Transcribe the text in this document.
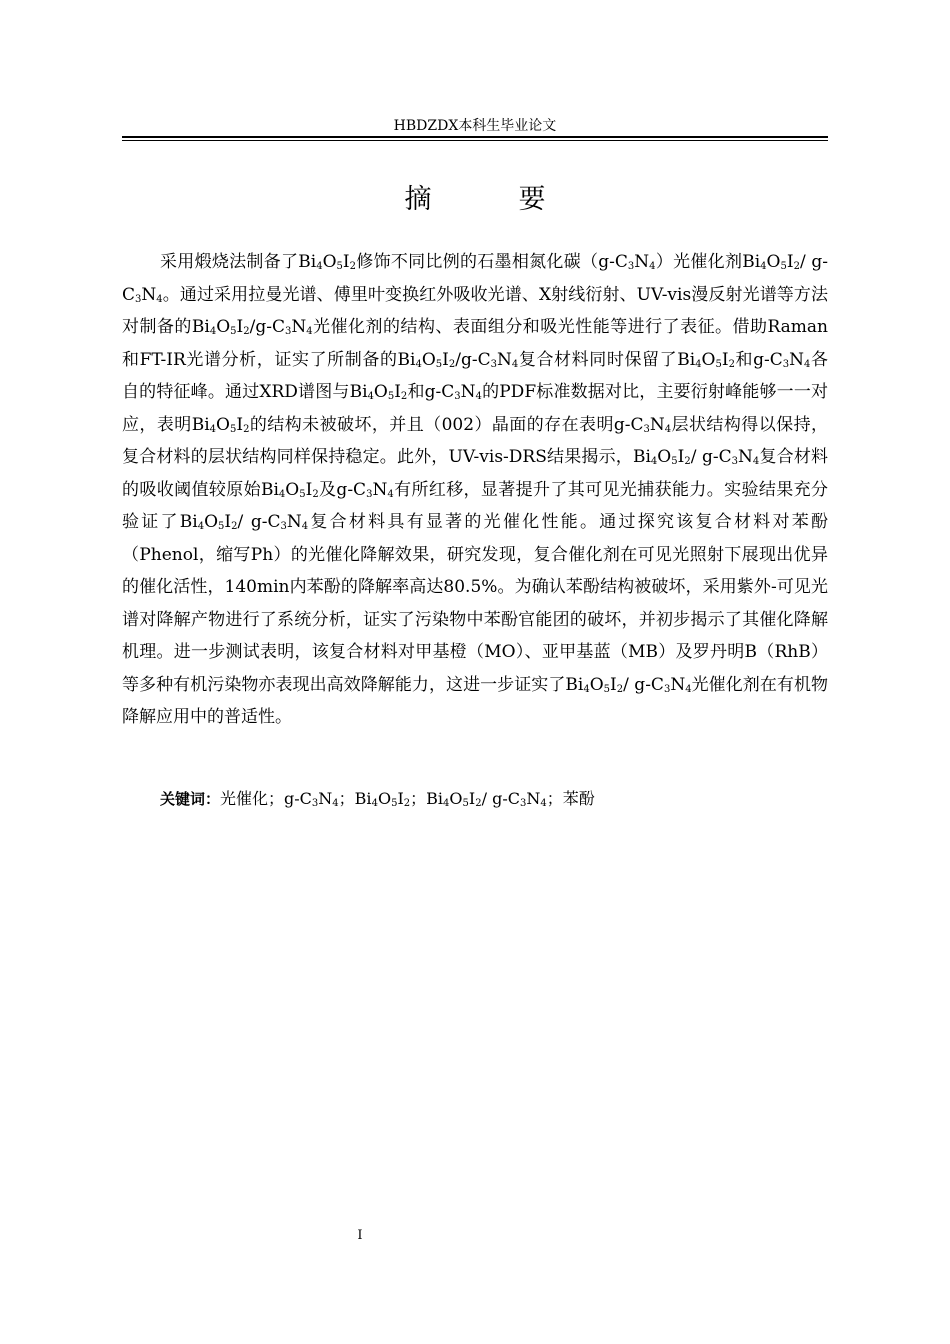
HBDZDX本科生毕业论文
摘　要

采用煅烧法制备了$Bi_4O_5I_2$修饰不同比例的石墨相氮化碳$(g-C_3N_4)$光催化剂$Bi_4O_5I_2/$ $g-C_3N_4$。通过采用拉曼光谱、傅里叶变换红外吸收光谱、X射线衍射、UV-vis漫反射光谱等方法对制备的$Bi_4O_5I_2/g-C_3N_4$光催化剂的结构、表面组分和吸光性能等进行了表征。借助Raman和FT-IR光谱分析，证实了所制备的$Bi_4O_5I_2/g-C_3N_4$复合材料同时保留了$Bi_4O_5I_2$和$g-C_3N_4$各自的特征峰。通过XRD谱图与$Bi_4O_5I_2$和$g-C_3N_4$的PDF标准数据对比，主要衍射峰能够一一对应，表明$Bi_4O_5I_2$的结构未被破坏，并且（002）晶面的存在表明$g-C_3N_4$层状结构得以保持，复合材料的层状结构同样保持稳定。此外，UV-vis-DRS结果揭示，$Bi_4O_5I_2/$ $g-C_3N_4$复合材料的吸收阈值较原始$Bi_4O_5I_2$及$g-C_3N_4$有所红移，显著提升了其可见光捕获能力。实验结果充分验证了$Bi_4O_5I_2/$ $g-C_3N_4$复合材料具有显著的光催化性能。通过探究该复合材料对苯酚（Phenol，缩写Ph）的光催化降解效果，研究发现，复合催化剂在可见光照射下展现出优异的催化活性，140min内苯酚的降解率高达80.5%。为确认苯酚结构被破坏，采用紫外-可见光谱对降解产物进行了系统分析，证实了污染物中苯酚官能团的破坏，并初步揭示了其催化降解机理。进一步测试表明，该复合材料对甲基橙（MO）、亚甲基蓝（MB）及罗丹明B（RhB）等多种有机污染物亦表现出高效降解能力，这进一步证实了$Bi_4O_5I_2/$ $g-C_3N_4$光催化剂在有机物降解应用中的普适性。

关键词：光催化；$g-C_3N_4$；$Bi_4O_5I_2$；$Bi_4O_5I_2/$ $g-C_3N_4$；苯酚

I
